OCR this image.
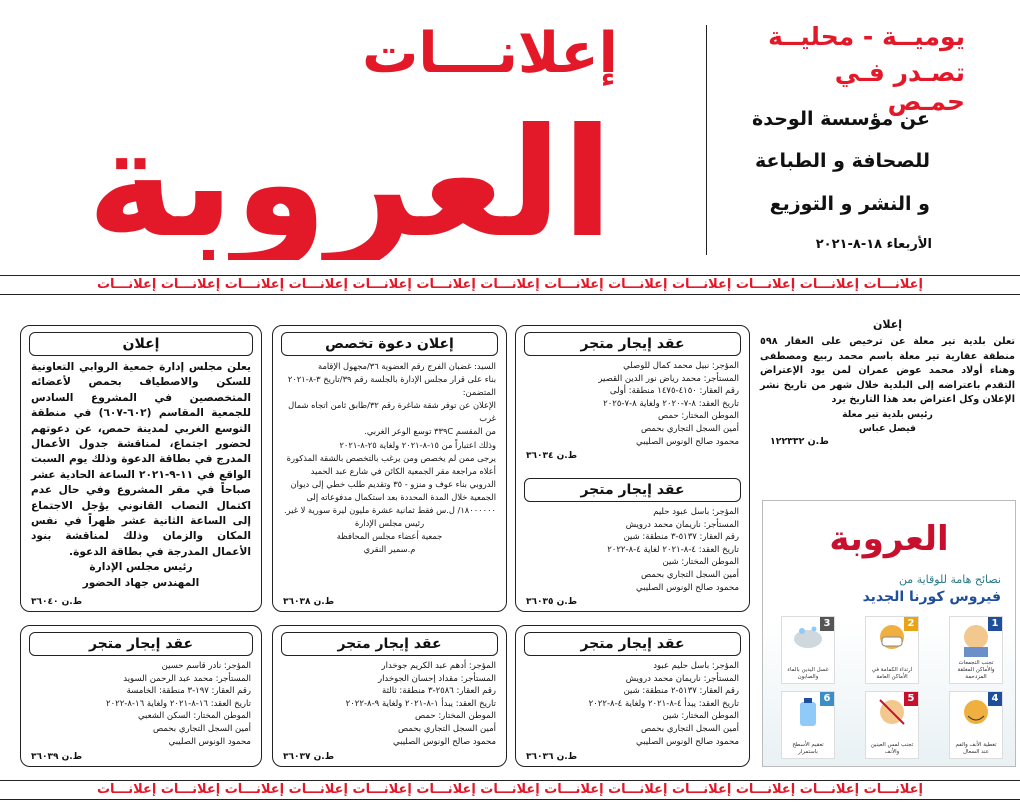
إعلانـــات
العروبة
يوميــة - محليــة
تصـدر فـي حمـص
عن مؤسسة الوحدة
للصحافة و الطباعة
و النشر و التوزيع
الأربعاء ١٨-٨-٢٠٢١
إعلانـــات إعلانـــات إعلانـــات إعلانـــات إعلانـــات إعلانـــات إعلانـــات إعلانـــات إعلانـــات إعلانـــات إعلانـــات إعلانـــات إعلانـــات
إعلان
تعلن بلدية تير معلة عن ترخيص على العقار ٥٩٨ منطقة عقارية تير معلة باسم محمد ربيع ومصطفى وهناء أولاد محمد عوض عمران لمن يود الإعتراض التقدم باعتراضه إلى البلدية خلال شهر من تاريخ نشر الإعلان وكل اعتراض بعد هذا التاريخ يرد
رئيس بلدية تير معلة
فيصل عباس
ط.ن ١٢٢٣٣٢
العروبة
نصائح هامة للوقاية من
فيروس كورنا الجديد
1
تجنب التجمعات والأماكن المغلقة المزدحمة
2
ارتداء الكمامة في الأماكن العامة
3
غسل اليدين بالماء والصابون
4
تغطية الأنف والفم عند السعال
5
تجنب لمس العينين والأنف
6
تعقيم الأسطح باستمرار
عقد إيجار متجر

المؤجر: نبيل محمد كمال للوصلي

المستأجر: محمد رياض نور الدين القصير

رقم العقار: ٤١٥٠-١٤٧٥ منطقة: أولى

تاريخ العقد: ٨-٧-٢٠٢٠ ولغاية ٨-٧-٢٠٢٥

الموطن المختار: حمص

أمين السجل التجاري بحمص

محمود صالح الونوس الصليبي

ط.ن ٣٦٠٣٤
عقد إيجار متجر

المؤجر: باسل عبود حليم

المستأجر: ناريمان محمد درويش

رقم العقار: ٥١٣٧-٣ منطقة: شين

تاريخ العقد: ٤-٨-٢٠٢١ لغاية ٤-٨-٢٠٢٢

الموطن المختار: شين

أمين السجل التجاري بحمص

محمود صالح الونوس الصليبي

ط.ن ٣٦٠٣٥
إعلان دعوة تخصص

السيد: غضبان الفرج رقم العضوية ٣٦/مجهول الإقامة

بناء على قرار مجلس الإدارة بالجلسة رقم ٣٩/تاريخ ٣-٨-٢٠٢١ المتضمن:

الإعلان عن توفر شقة شاغرة رقم ٣٢/طابق ثامن اتجاه شمال غرب

من المقسم ٣٣٩C توسع الوعر الغربي.

وذلك اعتباراً من ١٥-٨-٢٠٢١ ولغاية ٢٥-٨-٢٠٢١

يرجى ممن لم يخصص ومن يرغب بالتخصص بالشقة المذكورة أعلاه مراجعة مقر الجمعية الكائن في شارع عبد الحميد الدروبي بناء عوف و منزو - ٣٥ وتقديم طلب خطي إلى ديوان الجمعية خلال المدة المحددة بعد استكمال مدفوعاته إلى ١٨٠٠٠٠٠٠/ ل.س فقط ثمانية عشرة مليون ليرة سورية لا غير.

رئيس مجلس الإدارة

جمعية أعضاء مجلس المحافظة

م.سمير النقري

ط.ن ٣٦٠٣٨
إعلان

يعلن مجلس إدارة جمعية الروابي التعاونية للسكن والاصطياف بحمص لأعضائه المتخصصين في المشروع السادس للجمعية المقاسم (٦٠٢-٦٠٧) في منطقة التوسع الغربي لمدينة حمص، عن دعوتهم لحضور اجتماع، لمناقشة جدول الأعمال المدرج في بطاقة الدعوة وذلك يوم السبت الواقع في ١١-٩-٢٠٢١ الساعة الحادية عشر صباحاً في مقر المشروع وفي حال عدم اكتمال النصاب القانوني يؤجل الاجتماع إلى الساعة الثانية عشر ظهراً في نفس المكان والزمان وذلك لمناقشة بنود الأعمال المدرجة في بطاقة الدعوة.

رئيس مجلس الإدارة

المهندس جهاد الحضور

ط.ن ٣٦٠٤٠
عقد إيجار متجر

المؤجر: باسل حليم عبود

المستأجر: ناريمان محمد درويش

رقم العقار: ٥١٣٧-٢ منطقة: شين

تاريخ العقد: يبدأ ٤-٨-٢٠٢١ ولغاية ٤-٨-٢٠٢٢

الموطن المختار: شين

أمين السجل التجاري بحمص

محمود صالح الونوس الصليبي

ط.ن ٣٦٠٣٦
عقد إيجار متجر

المؤجر: أدهم عبد الكريم جوخدار

المستأجر: مقداد إحسان الجوخدار

رقم العقار: ٢٥٨٦-٣ منطقة: ثالثة

تاريخ العقد: يبدأ ١-٨-٢٠٢١ ولغاية ٩-٨-٢٠٢٢

الموطن المختار: حمص

أمين السجل التجاري بحمص

محمود صالح الونوس الصليبي

ط.ن ٣٦٠٣٧
عقد إيجار متجر

المؤجر: نادر قاسم حسين

المستأجر: محمد عبد الرحمن السويد

رقم العقار: ١٩٧-٣ منطقة: الخامسة

تاريخ العقد: ١٦-٨-٢٠٢١ ولغاية ١٦-٨-٢٠٢٢

الموطن المختار: السكن الشعبي

أمين السجل التجاري بحمص

محمود الونوس الصليبي

ط.ن ٣٦٠٣٩
إعلانـــات إعلانـــات إعلانـــات إعلانـــات إعلانـــات إعلانـــات إعلانـــات إعلانـــات إعلانـــات إعلانـــات إعلانـــات إعلانـــات إعلانـــات
